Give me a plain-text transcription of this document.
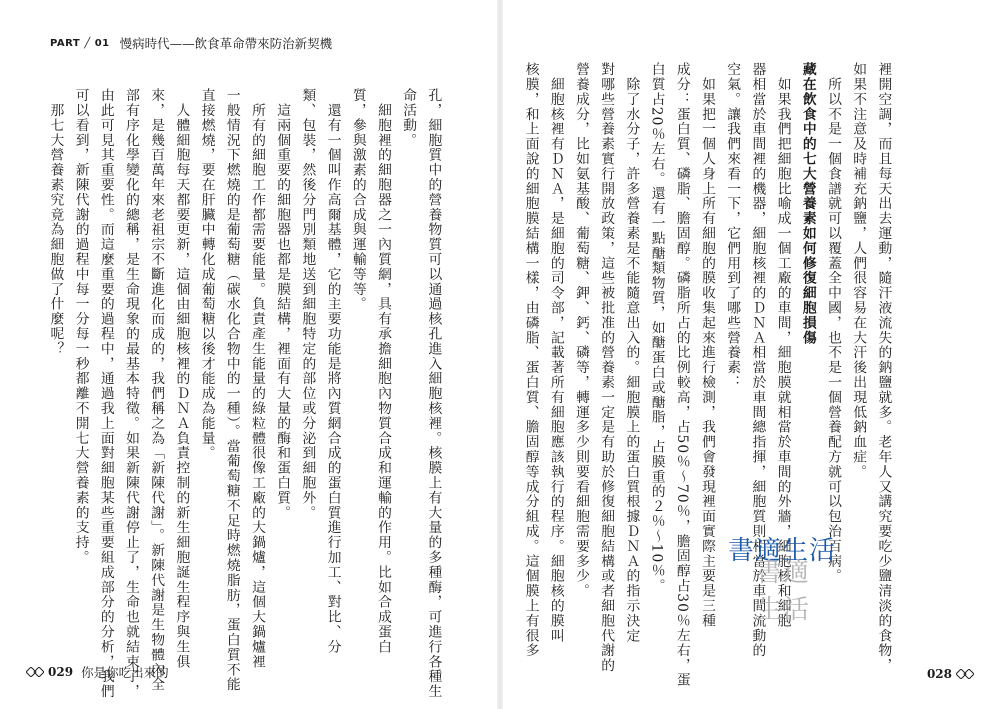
PART ╱ 01 慢病時代——飲食革命帶來防治新契機
孔，細胞質中的營養物質可以通過核孔進入細胞核裡。核膜上有大量的多種酶，可進行各種生
命活動。
　細胞裡的細胞器之一內質網，具有承擔細胞內物質合成和運輸的作用。比如合成蛋白
質，參與激素的合成與運輸等等。
　還有一個叫作高爾基體，它的主要功能是將內質網合成的蛋白質進行加工、對比、分
類、包裝，然後分門別類地送到細胞特定的部位或分泌到細胞外。
　這兩個重要的細胞器也都是膜結構，裡面有大量的酶和蛋白質。
　所有的細胞工作都需要能量。負責產生能量的綠粒體很像工廠的大鍋爐，這個大鍋爐裡
一般情況下燃燒的是葡萄糖（碳水化合物中的一種）。當葡萄糖不足時燃燒脂肪，蛋白質不能
直接燃燒，要在肝臟中轉化成葡萄糖以後才能成為能量。
　人體細胞每天都要更新，這個由細胞核裡的ＤＮＡ負責控制的新生細胞誕生程序與生俱
來，是幾百萬年來老祖宗不斷進化而成的，我們稱之為「新陳代謝」。新陳代謝是生物體內全
部有序化學變化的總稱，是生命現象的最基本特徵。如果新陳代謝停止了，生命也就結束了，
由此可見其重要性。而這麼重要的過程中，通過我上面對細胞某些重要組成部分的分析，我們
可以看到，新陳代謝的過程中每一分每一秒都離不開七大營養素的支持。
　那七大營養素究竟為細胞做了什麼呢？
029 你是你吃出來的	裡開空調，而且每天出去運動，隨汗液流失的鈉鹽就多。老年人又講究要吃少鹽清淡的食物，
如果不注意及時補充鈉鹽，人們很容易在大汗後出現低鈉血症。
　所以不是一個食譜就可以覆蓋全中國，也不是一個營養配方就可以包治百病。
藏在飲食中的七大營養素如何修復細胞損傷
　如果我們把細胞比喻成一個工廠的車間，細胞膜就相當於車間的外牆，細胞核和細胞
器相當於車間裡的機器，細胞核裡的ＤＮＡ相當於車間總指揮，細胞質則相當於車間流動的
空氣。讓我們來看一下，它們用到了哪些營養素：
　如果把一個人身上所有細胞的膜收集起來進行檢測，我們會發現裡面實際主要是三種
成分：蛋白質、磷脂、膽固醇。磷脂所占的比例較高，占50％～70％，膽固醇占30％左右，蛋
白質占20％左右。還有一點醣類物質，如醣蛋白或醣脂，占膜重的２％～10％。
　除了水分子，許多營養素是不能隨意出入的。細胞膜上的蛋白質根據ＤＮＡ的指示決定
對哪些營養素實行開放政策，這些被批准的營養素一定是有助於修復細胞結構或者細胞代謝的
營養成分，比如氨基酸、葡萄糖、鉀、鈣、磷等，轉運多少則要看細胞需要多少。
　細胞核裡有ＤＮＡ，是細胞的司令部，記載著所有細胞應該執行的程序。細胞核的膜叫
核膜，和上面說的細胞膜結構一樣，由磷脂、蛋白質、膽固醇等成分組成。這個膜上有很多
028
書適生活
書適生活
